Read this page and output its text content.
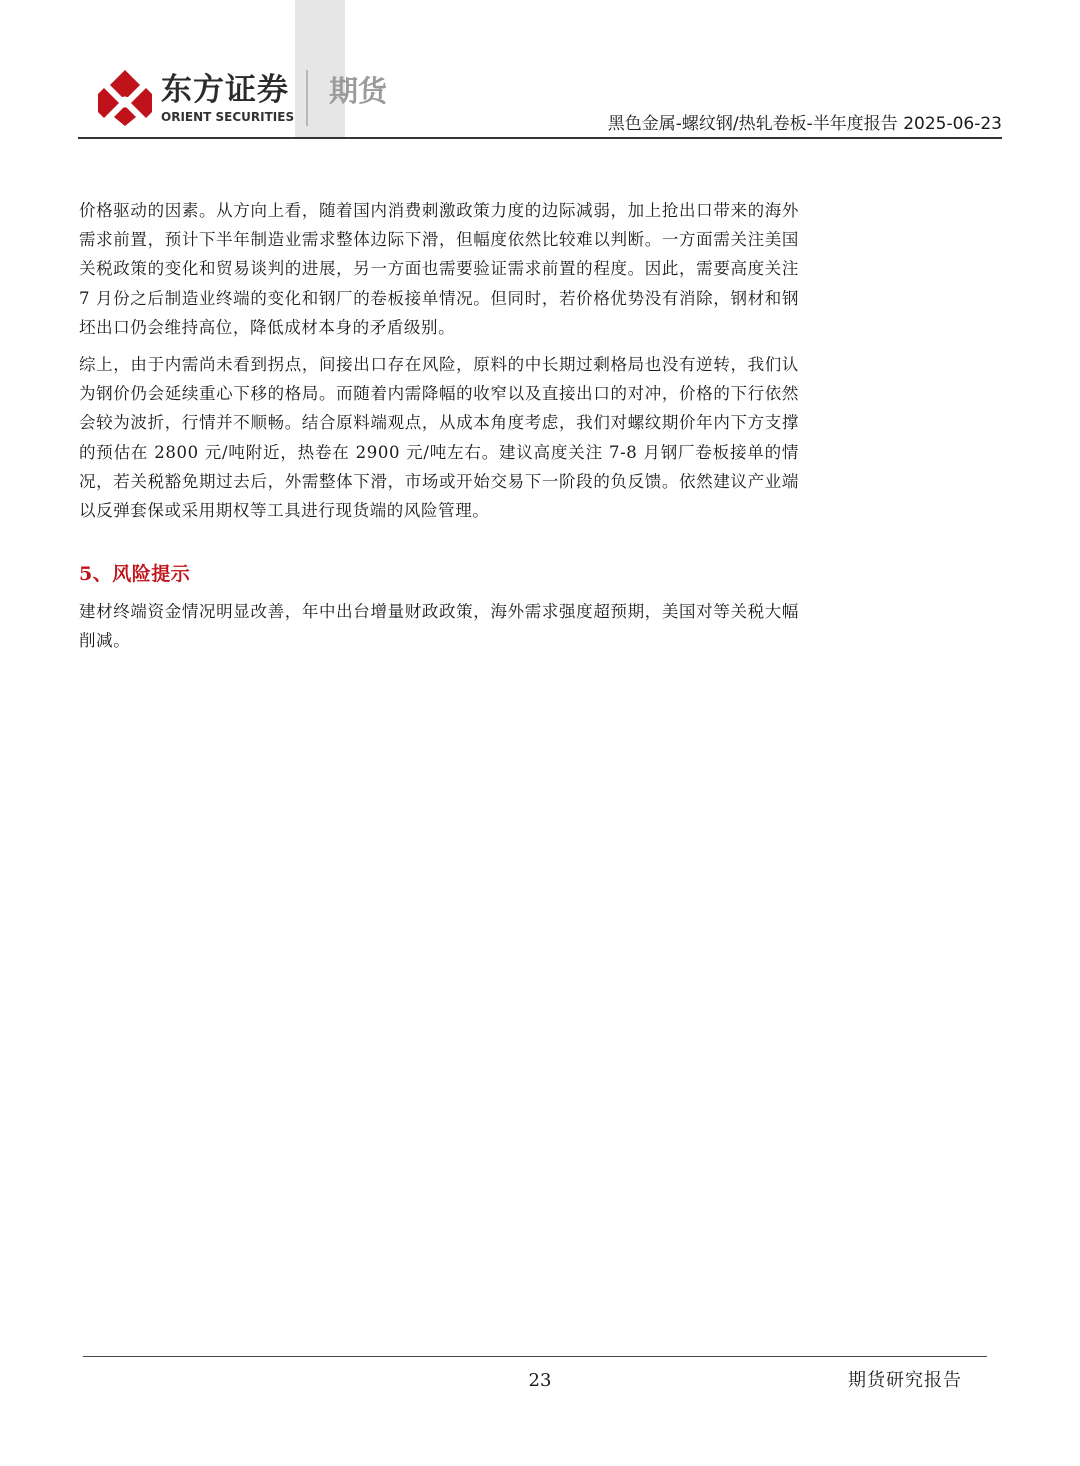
东方证券
ORIENT SECURITIES
期货
黑色金属-螺纹钢/热轧卷板-半年度报告 2025-06-23

价格驱动的因素。从方向上看，随着国内消费刺激政策力度的边际减弱，加上抢出口带来的海外需求前置，预计下半年制造业需求整体边际下滑，但幅度依然比较难以判断。一方面需关注美国关税政策的变化和贸易谈判的进展，另一方面也需要验证需求前置的程度。因此，需要高度关注 7 月份之后制造业终端的变化和钢厂的卷板接单情况。但同时，若价格优势没有消除，钢材和钢坯出口仍会维持高位，降低成材本身的矛盾级别。

综上，由于内需尚未看到拐点，间接出口存在风险，原料的中长期过剩格局也没有逆转，我们认为钢价仍会延续重心下移的格局。而随着内需降幅的收窄以及直接出口的对冲，价格的下行依然会较为波折，行情并不顺畅。结合原料端观点，从成本角度考虑，我们对螺纹期价年内下方支撑的预估在 2800 元/吨附近，热卷在 2900 元/吨左右。建议高度关注 7-8 月钢厂卷板接单的情况，若关税豁免期过去后，外需整体下滑，市场或开始交易下一阶段的负反馈。依然建议产业端以反弹套保或采用期权等工具进行现货端的风险管理。

5、风险提示

建材终端资金情况明显改善，年中出台增量财政政策，海外需求强度超预期，美国对等关税大幅削减。

23	期货研究报告
